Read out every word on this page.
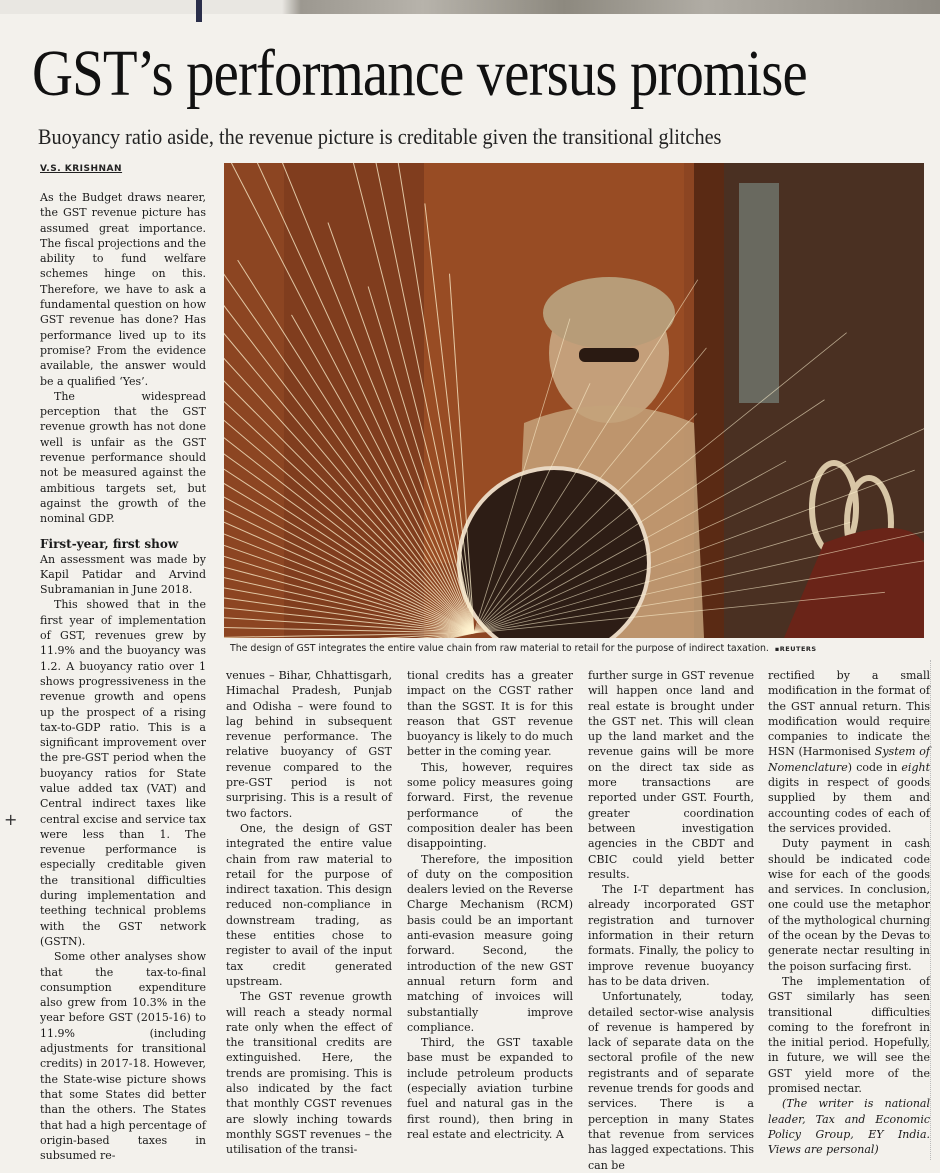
GST’s performance versus promise
Buoyancy ratio aside, the revenue picture is creditable given the transitional glitches
V.S. KRISHNAN
+

As the Budget draws nearer, the GST revenue picture has assumed great importance. The fiscal projections and the ability to fund welfare schemes hinge on this. Therefore, we have to ask a fundamental question on how GST revenue has done? Has performance lived up to its promise? From the evidence available, the answer would be a qualified ‘Yes’.

The widespread perception that the GST revenue growth has not done well is unfair as the GST revenue performance should not be measured against the ambitious targets set, but against the growth of the nominal GDP.

First-year, first show

An assessment was made by Kapil Patidar and Arvind Subramanian in June 2018.

This showed that in the first year of implementation of GST, revenues grew by 11.9% and the buoyancy was 1.2. A buoyancy ratio over 1 shows progressiveness in the revenue growth and opens up the prospect of a rising tax-to-GDP ratio. This is a significant improvement over the pre-GST period when the buoyancy ratios for State value added tax (VAT) and Central indirect taxes like central excise and service tax were less than 1. The revenue performance is especially creditable given the transitional difficulties during implementation and teething technical problems with the GST network (GSTN).

Some other analyses show that the tax-to-final consumption expenditure also grew from 10.3% in the year before GST (2015-16) to 11.9% (including adjustments for transitional credits) in 2017-18. However, the State-wise picture shows that some States did better than the others. The States that had a high percentage of origin-based taxes in subsumed re-

The design of GST integrates the entire value chain from raw material to retail for the purpose of indirect taxation. ▪REUTERS

venues – Bihar, Chhattisgarh, Himachal Pradesh, Punjab and Odisha – were found to lag behind in subsequent revenue performance. The relative buoyancy of GST revenue compared to the pre-GST period is not surprising. This is a result of two factors.

One, the design of GST integrated the entire value chain from raw material to retail for the purpose of indirect taxation. This design reduced non-compliance in downstream trading, as these entities chose to register to avail of the input tax credit generated upstream.

The GST revenue growth will reach a steady normal rate only when the effect of the transitional credits are extinguished. Here, the trends are promising. This is also indicated by the fact that monthly CGST revenues are slowly inching towards monthly SGST revenues – the utilisation of the transi-

tional credits has a greater impact on the CGST rather than the SGST. It is for this reason that GST revenue buoyancy is likely to do much better in the coming year.

This, however, requires some policy measures going forward. First, the revenue performance of the composition dealer has been disappointing.

Therefore, the imposition of duty on the composition dealers levied on the Reverse Charge Mechanism (RCM) basis could be an important anti-evasion measure going forward. Second, the introduction of the new GST annual return form and matching of invoices will substantially improve compliance.

Third, the GST taxable base must be expanded to include petroleum products (especially aviation turbine fuel and natural gas in the first round), then bring in real estate and electricity. A

further surge in GST revenue will happen once land and real estate is brought under the GST net. This will clean up the land market and the revenue gains will be more on the direct tax side as more transactions are reported under GST. Fourth, greater coordination between investigation agencies in the CBDT and CBIC could yield better results.

The I-T department has already incorporated GST registration and turnover information in their return formats. Finally, the policy to improve revenue buoyancy has to be data driven.

Unfortunately, today, detailed sector-wise analysis of revenue is hampered by lack of separate data on the sectoral profile of the new registrants and of separate revenue trends for goods and services. There is a perception in many States that revenue from services has lagged expectations. This can be

rectified by a small modification in the format of the GST annual return. This modification would require companies to indicate the HSN (Harmonised System of Nomenclature) code in eight digits in respect of goods supplied by them and accounting codes of each of the services provided.

Duty payment in cash should be indicated code wise for each of the goods and services. In conclusion, one could use the metaphor of the mythological churning of the ocean by the Devas to generate nectar resulting in the poison surfacing first.

The implementation of GST similarly has seen transitional difficulties coming to the forefront in the initial period. Hopefully, in future, we will see the GST yield more of the promised nectar.

(The writer is national leader, Tax and Economic Policy Group, EY India. Views are personal)
